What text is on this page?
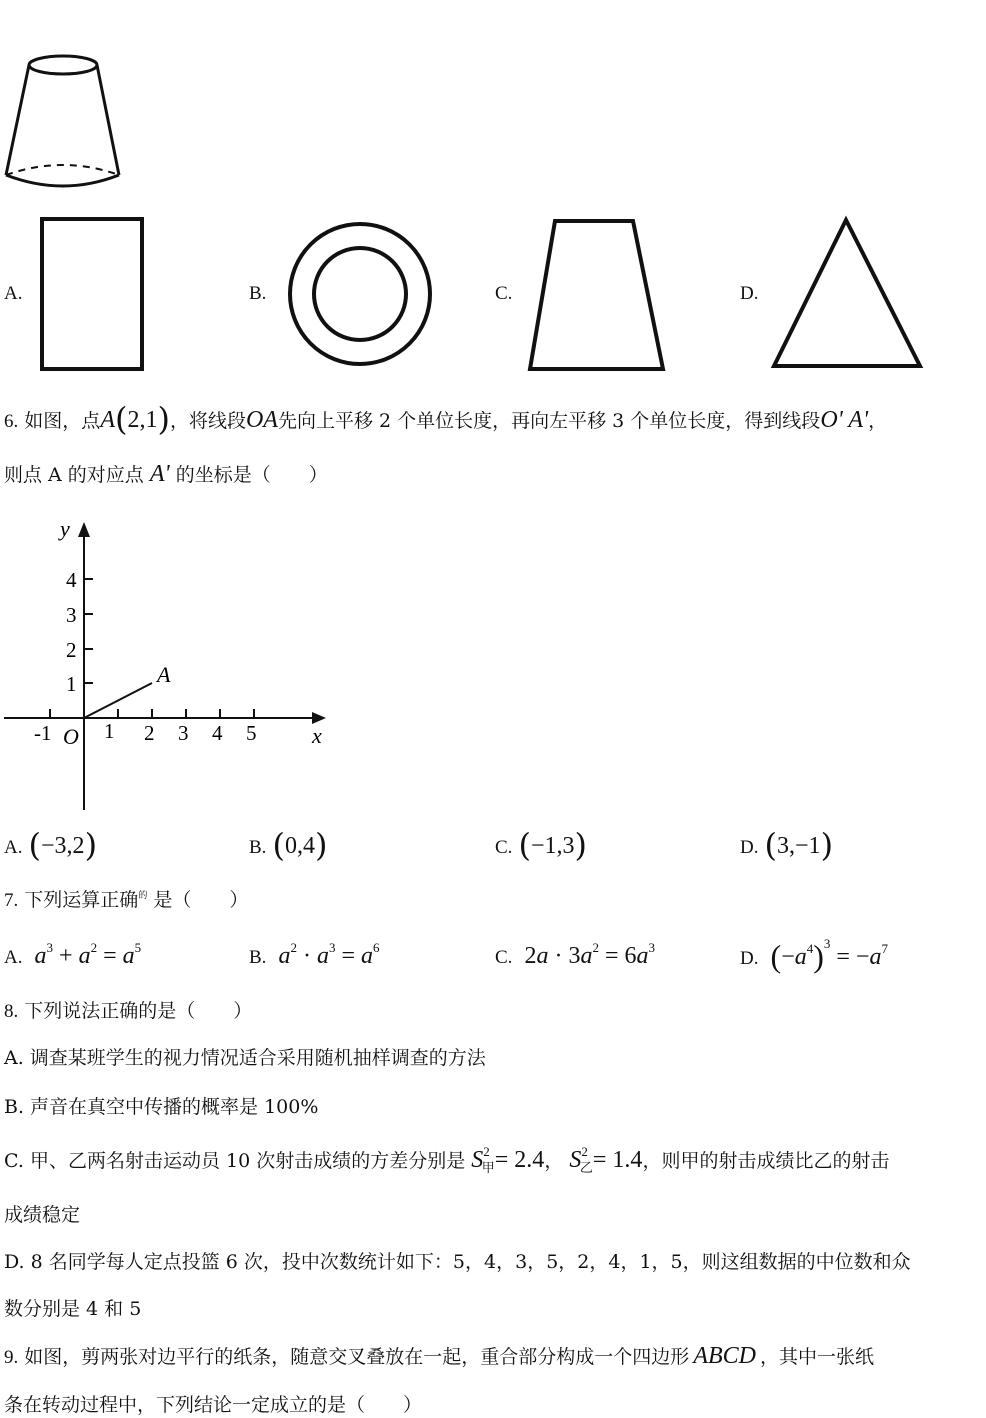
A.	B.	C.	D.
6. 如图，点A(2,1)，将线段OA先向上平移 2 个单位长度，再向左平移 3 个单位长度，得到线段O' A'，
则点 A 的对应点 A' 的坐标是（　　）
y
x
O
A
4
3
2
1
-1	1 2 3 4 5
A. (−3,2)	B. (0,4)	C. (−1,3)	D. (3,−1)
7. 下列运算正确$^的$ 是（　　）
A. $a^3 + a^2 = a^5$	B. $a^2 \cdot a^3 = a^6$	C. $2a \cdot 3a^2 = 6a^3$
D. $(-a^4)^3 = -a^7$
8. 下列说法正确的是（　　）
A. 调查某班学生的视力情况适合采用随机抽样调查的方法
B. 声音在真空中传播的概率是 100%
C. 甲、乙两名射击运动员 10 次射击成绩的方差分别是 $S^2_甲= 2.4$， $S^2_乙= 1.4$，则甲的射击成绩比乙的射击
成绩稳定
D. 8 名同学每人定点投篮 6 次，投中次数统计如下：5，4，3，5，2，4，1，5，则这组数据的中位数和众
数分别是 4 和 5
9. 如图，剪两张对边平行的纸条，随意交叉叠放在一起，重合部分构成一个四边形 ABCD ，其中一张纸
条在转动过程中，下列结论一定成立的是（　　）
